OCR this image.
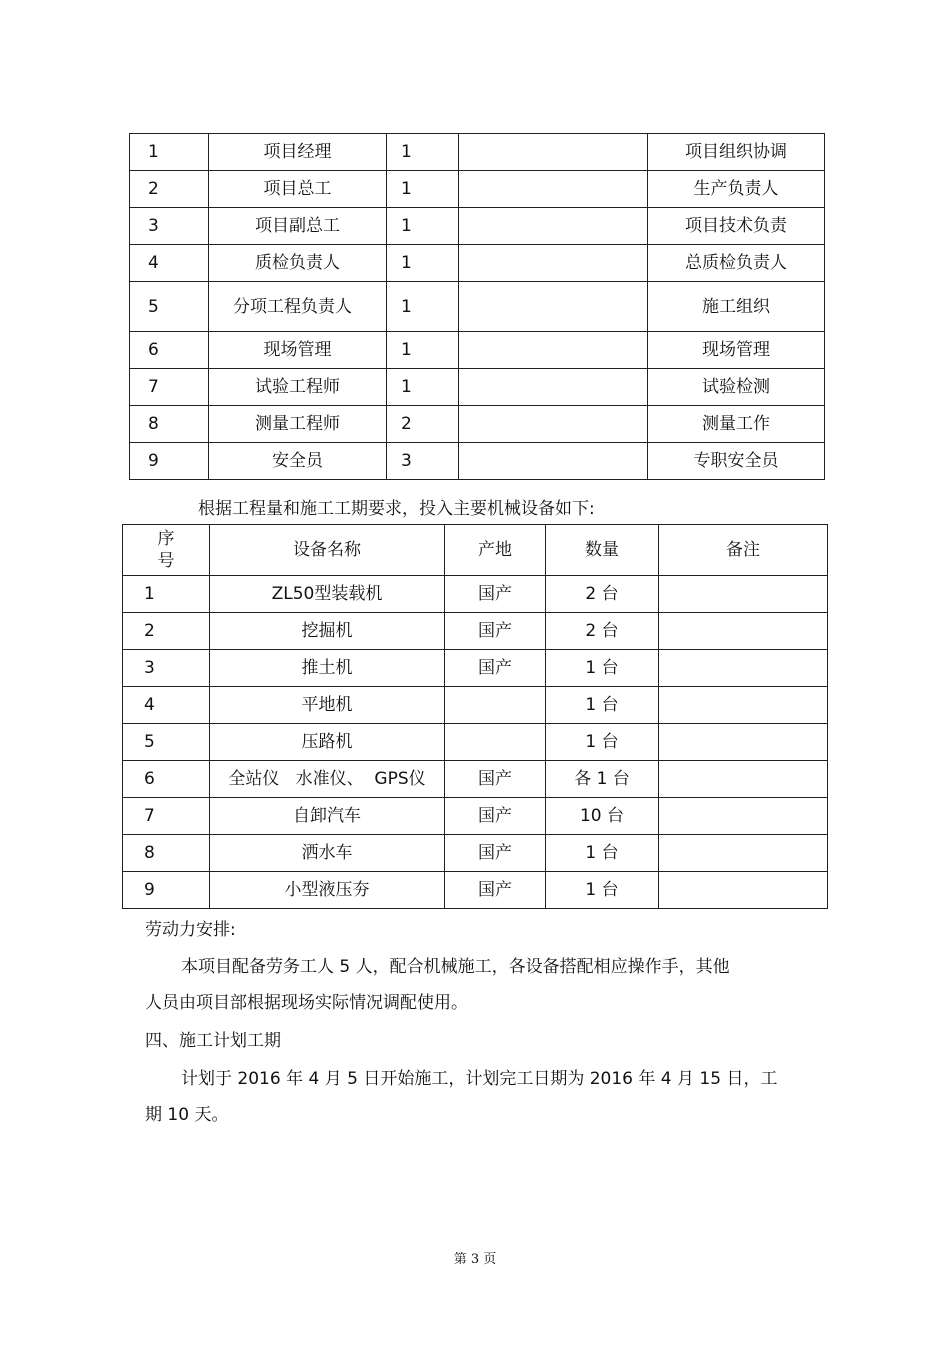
1	项目经理	1		项目组织协调
2	项目总工	1		生产负责人
3	项目副总工	1		项目技术负责
4	质检负责人	1		总质检负责人
5	分项工程负责人	1		施工组织
6	现场管理	1		现场管理
7	试验工程师	1		试验检测
8	测量工程师	2		测量工作
9	安全员	3		专职安全员
根据工程量和施工工期要求，投入主要机械设备如下:
序号	设备名称	产地	数量	备注
1	ZL50型装载机	国产	2 台	
2	挖掘机	国产	2 台	
3	推土机	国产	1 台	
4	平地机		1 台	
5	压路机		1 台	
6	全站仪   水准仪、  GPS仪	国产	各 1 台	
7	自卸汽车	国产	10 台	
8	洒水车	国产	1 台	
9	小型液压夯	国产	1 台	
劳动力安排:
本项目配备劳务工人 5 人，配合机械施工，各设备搭配相应操作手，其他
人员由项目部根据现场实际情况调配使用。
四、施工计划工期
计划于 2016 年 4 月 5 日开始施工，计划完工日期为 2016 年 4 月 15 日，工
期 10 天。
第 3 页
